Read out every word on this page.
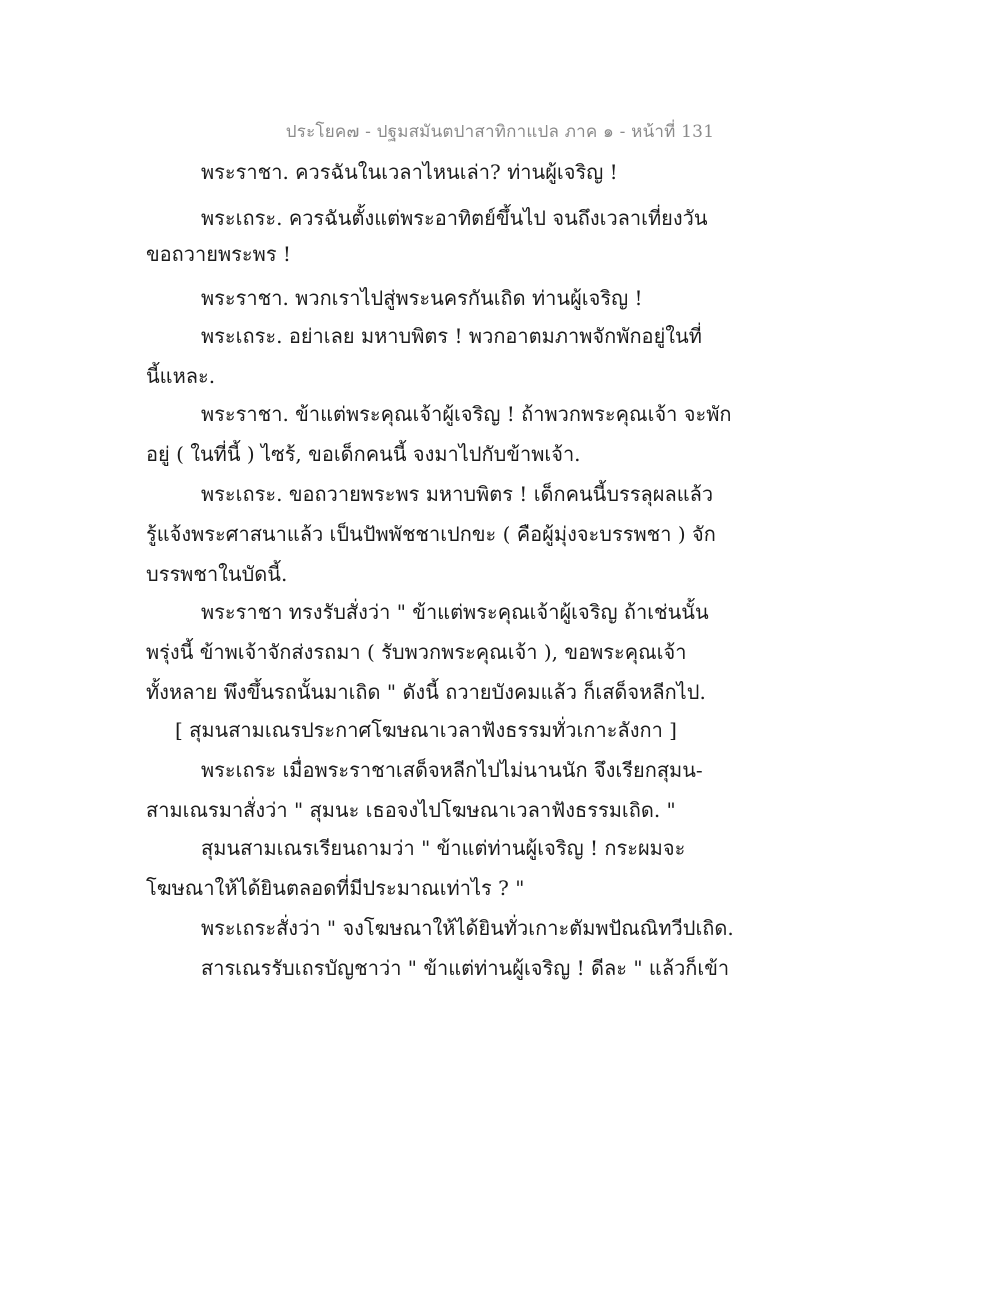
ประโยค๗ - ปฐมสมันตปาสาทิกาแปล ภาค ๑ - หน้าที่ 131
พระราชา. ควรฉันในเวลาไหนเล่า? ท่านผู้เจริญ !
พระเถระ. ควรฉันตั้งแต่พระอาทิตย์ขึ้นไป จนถึงเวลาเที่ยงวัน
ขอถวายพระพร !
พระราชา. พวกเราไปสู่พระนครกันเถิด ท่านผู้เจริญ !
พระเถระ. อย่าเลย มหาบพิตร ! พวกอาตมภาพจักพักอยู่ในที่
นี้แหละ.
พระราชา. ข้าแต่พระคุณเจ้าผู้เจริญ ! ถ้าพวกพระคุณเจ้า จะพัก
อยู่ ( ในที่นี้ ) ไซร้, ขอเด็กคนนี้ จงมาไปกับข้าพเจ้า.
พระเถระ. ขอถวายพระพร มหาบพิตร ! เด็กคนนี้บรรลุผลแล้ว
รู้แจ้งพระศาสนาแล้ว เป็นปัพพัชชาเปกขะ ( คือผู้มุ่งจะบรรพชา ) จัก
บรรพชาในบัดนี้.
พระราชา ทรงรับสั่งว่า " ข้าแต่พระคุณเจ้าผู้เจริญ ถ้าเช่นนั้น
พรุ่งนี้ ข้าพเจ้าจักส่งรถมา ( รับพวกพระคุณเจ้า ), ขอพระคุณเจ้า
ทั้งหลาย พึงขึ้นรถนั้นมาเถิด " ดังนี้ ถวายบังคมแล้ว ก็เสด็จหลีกไป.
[ สุมนสามเณรประกาศโฆษณาเวลาฟังธรรมทั่วเกาะลังกา ]
พระเถระ เมื่อพระราชาเสด็จหลีกไปไม่นานนัก จึงเรียกสุมน-
สามเณรมาสั่งว่า " สุมนะ เธอจงไปโฆษณาเวลาฟังธรรมเถิด. "
สุมนสามเณรเรียนถามว่า " ข้าแต่ท่านผู้เจริญ ! กระผมจะ
โฆษณาให้ได้ยินตลอดที่มีประมาณเท่าไร ? "
พระเถระสั่งว่า " จงโฆษณาให้ได้ยินทั่วเกาะตัมพปัณณิทวีปเถิด.
สารเณรรับเถรบัญชาว่า " ข้าแต่ท่านผู้เจริญ ! ดีละ " แล้วก็เข้า
